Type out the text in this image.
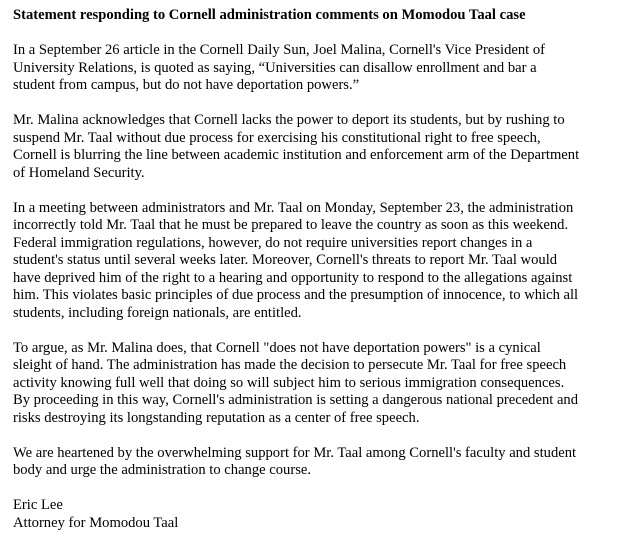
Statement responding to Cornell administration comments on Momodou Taal case
In a September 26 article in the Cornell Daily Sun, Joel Malina, Cornell's Vice President of
University Relations, is quoted as saying, “Universities can disallow enrollment and bar a
student from campus, but do not have deportation powers.”
Mr. Malina acknowledges that Cornell lacks the power to deport its students, but by rushing to
suspend Mr. Taal without due process for exercising his constitutional right to free speech,
Cornell is blurring the line between academic institution and enforcement arm of the Department
of Homeland Security.
In a meeting between administrators and Mr. Taal on Monday, September 23, the administration
incorrectly told Mr. Taal that he must be prepared to leave the country as soon as this weekend.
Federal immigration regulations, however, do not require universities report changes in a
student's status until several weeks later. Moreover, Cornell's threats to report Mr. Taal would
have deprived him of the right to a hearing and opportunity to respond to the allegations against
him. This violates basic principles of due process and the presumption of innocence, to which all
students, including foreign nationals, are entitled.
To argue, as Mr. Malina does, that Cornell "does not have deportation powers" is a cynical
sleight of hand. The administration has made the decision to persecute Mr. Taal for free speech
activity knowing full well that doing so will subject him to serious immigration consequences.
By proceeding in this way, Cornell's administration is setting a dangerous national precedent and
risks destroying its longstanding reputation as a center of free speech.
We are heartened by the overwhelming support for Mr. Taal among Cornell's faculty and student
body and urge the administration to change course.
Eric Lee
Attorney for Momodou Taal
